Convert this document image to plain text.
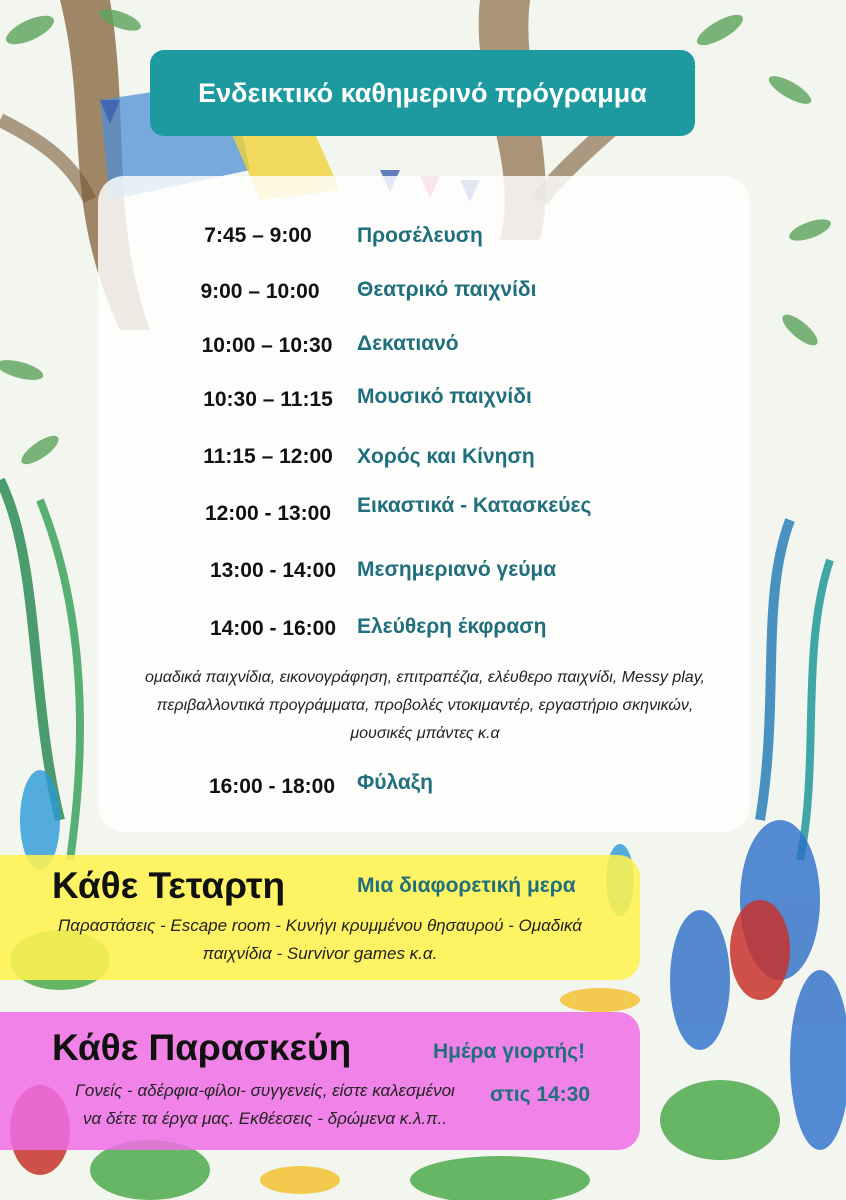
Ενδεικτικό καθημερινό πρόγραμμα
7:45 – 9:00	Προσέλευση
9:00 – 10:00	Θεατρικό παιχνίδι
10:00 – 10:30	Δεκατιανό
10:30 – 11:15	Μουσικό παιχνίδι
11:15 – 12:00	Χορός και Κίνηση
12:00 - 13:00	Εικαστικά - Κατασκεύες
13:00 - 14:00 Μεσημεριανό γεύμα
14:00 - 16:00 Ελεύθερη έκφραση
ομαδικά παιχνίδια, εικονογράφηση, επιτραπέζια, ελέυθερο παιχνίδι, Messy play,
περιβαλλοντικά προγράμματα, προβολές ντοκιμαντέρ, εργαστήριο σκηνικών,
μουσικές μπάντες κ.α
16:00 - 18:00	Φύλαξη
Κάθε Τεταρτη	Μια διαφορετική μερα
Παραστάσεις - Escape room - Κυνήγι κρυμμένου θησαυρού - Ομαδικά
παιχνίδια - Survivor games κ.α.
Κάθε Παρασκεύη	Ημέρα γιορτής!
Γονείς - αδέρφια-φίλοι- συγγενείς, είστε καλεσμένοι
να δέτε τα έργα μας. Εκθέεσεις - δρώμενα κ.λ.π..
στις 14:30
